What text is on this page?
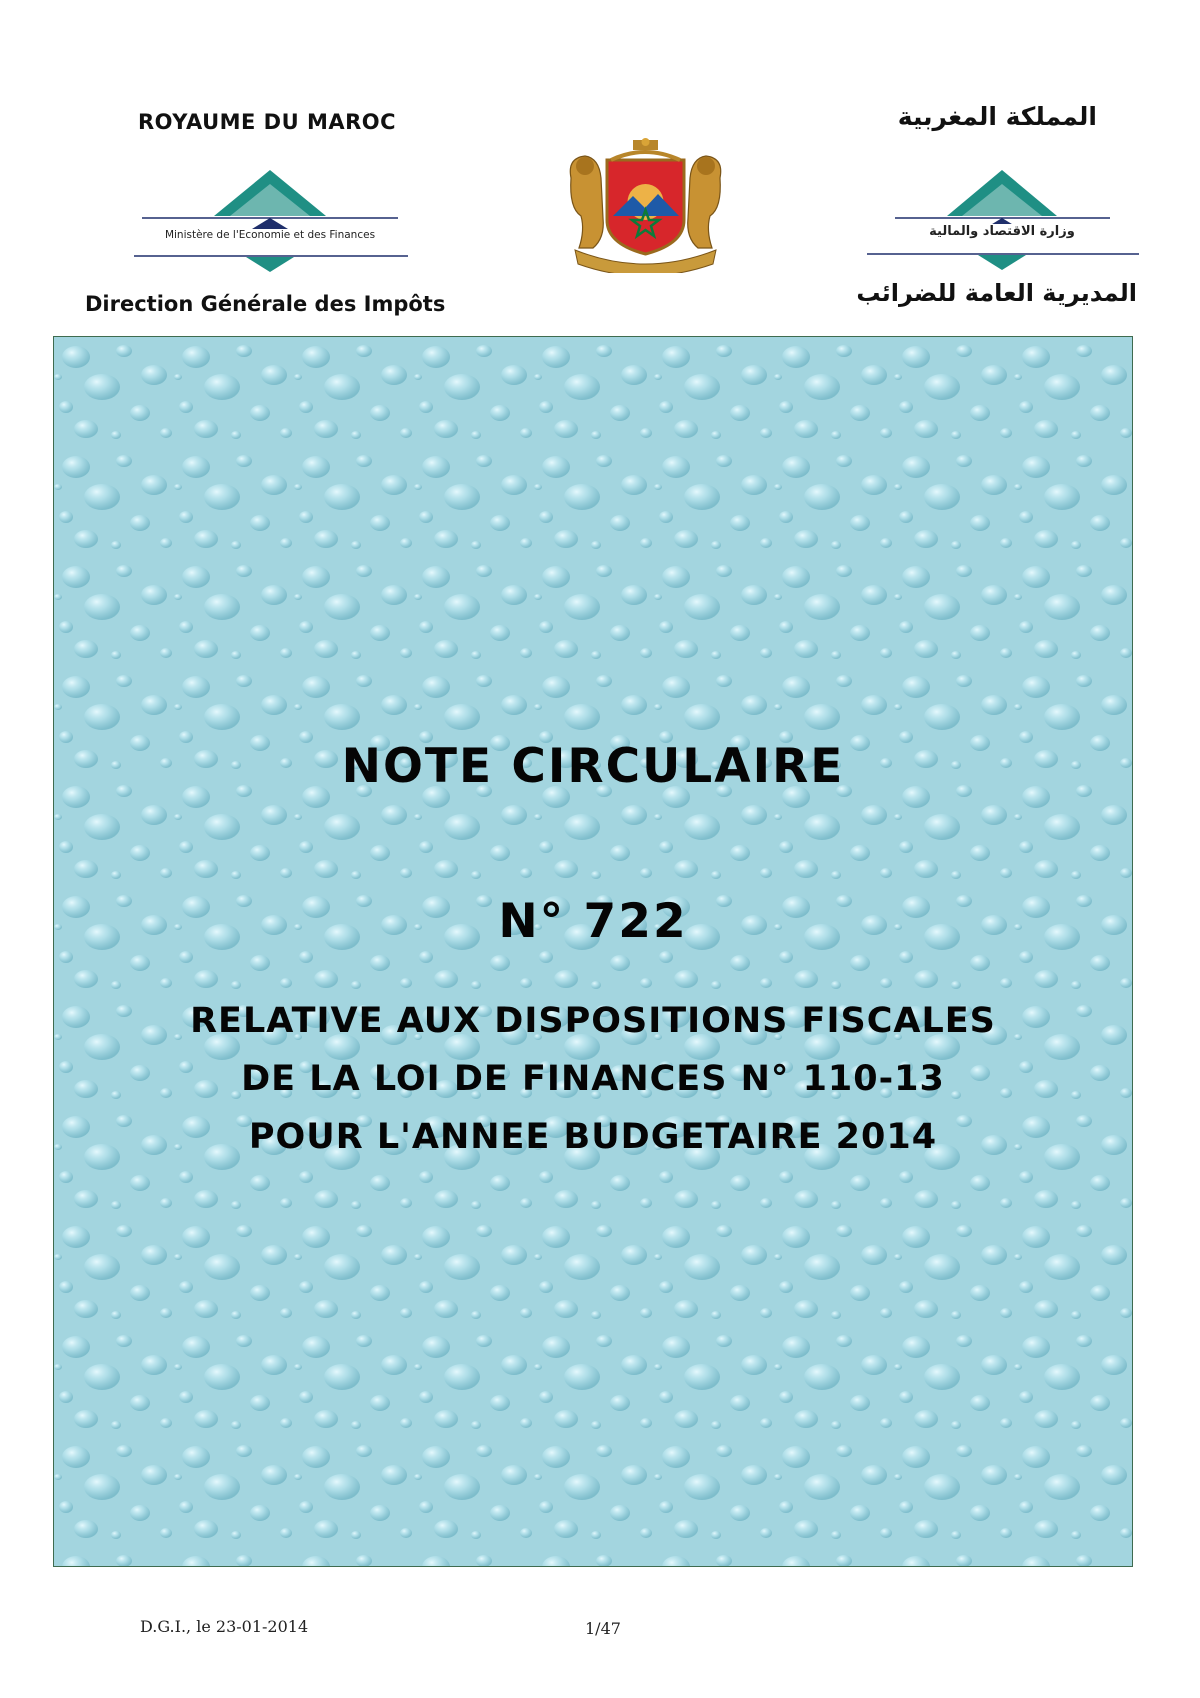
ROYAUME DU MAROC	المملكة المغربية
Ministère de l'Economie et des Finances	وزارة الاقتصاد والمالية
Direction Générale des Impôts	المديرية العامة للضرائب
NOTE CIRCULAIRE
N° 722
RELATIVE AUX DISPOSITIONS FISCALES
DE LA LOI DE FINANCES N° 110-13
POUR L'ANNEE BUDGETAIRE 2014
D.G.I., le 23-01-2014	1/47
